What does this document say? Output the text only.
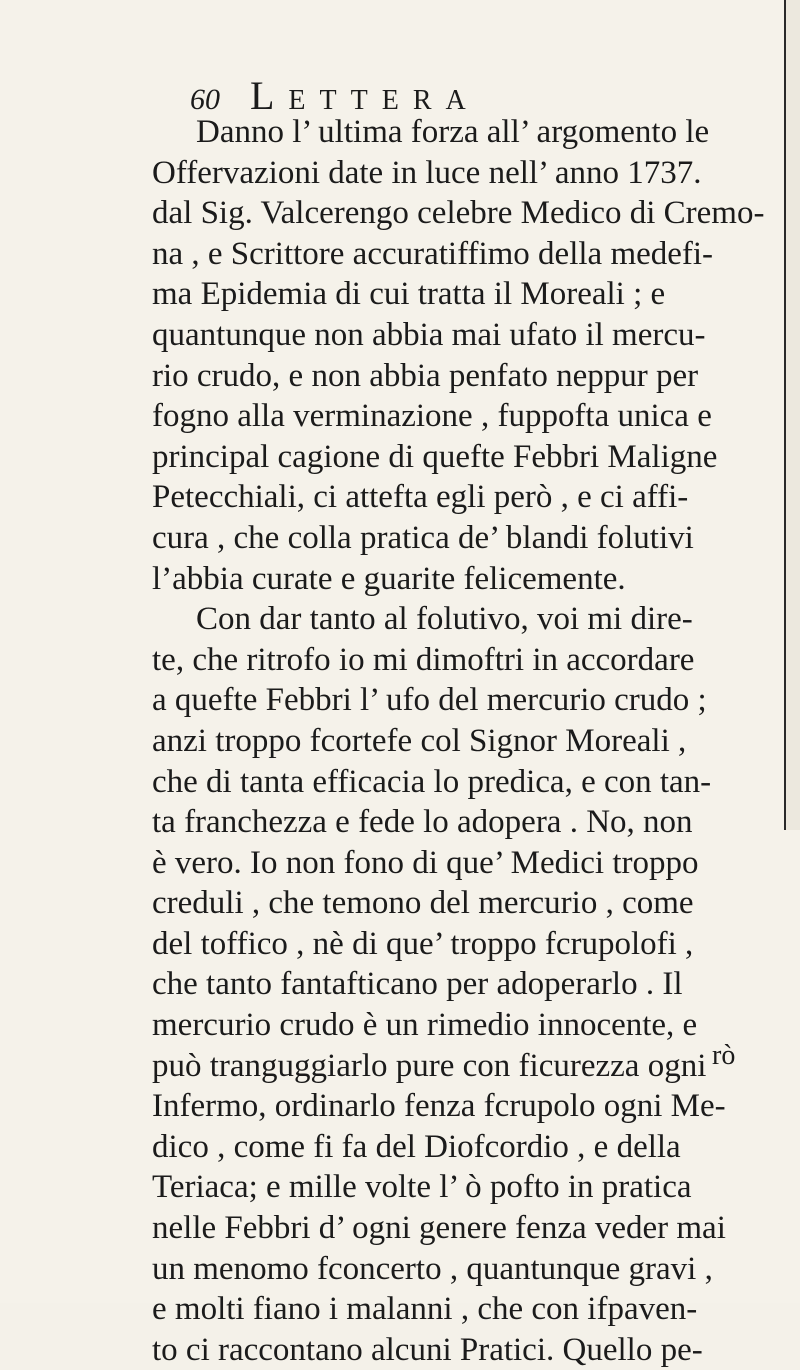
60 Lettera
Danno l’ ultima forza all’ argomento le
Offervazioni date in luce nell’ anno 1737.
dal Sig. Valcerengo celebre Medico di Cremo-
na , e Scrittore accuratiffimo della medefi-
ma Epidemia di cui tratta il Moreali ; e
quantunque non abbia mai ufato il mercu-
rio crudo, e non abbia penfato neppur per
fogno alla verminazione , fuppofta unica e
principal cagione di quefte Febbri Maligne
Petecchiali, ci attefta egli però , e ci affi-
cura , che colla pratica de’ blandi folutivi
l’abbia curate e guarite felicemente.
Con dar tanto al folutivo, voi mi dire-
te, che ritrofo io mi dimoftri in accordare
a quefte Febbri l’ ufo del mercurio crudo ;
anzi troppo fcortefe col Signor Moreali ,
che di tanta efficacia lo predica, e con tan-
ta franchezza e fede lo adopera . No, non
è vero. Io non fono di que’ Medici troppo
creduli , che temono del mercurio , come
del toffico , nè di que’ troppo fcrupolofi ,
che tanto fantafticano per adoperarlo . Il
mercurio crudo è un rimedio innocente, e
può tranguggiarlo pure con ficurezza ogni
Infermo, ordinarlo fenza fcrupolo ogni Me-
dico , come fi fa del Diofcordio , e della
Teriaca; e mille volte l’ ò pofto in pratica
nelle Febbri d’ ogni genere fenza veder mai
un menomo fconcerto , quantunque gravi ,
e molti fiano i malanni , che con ifpaven-
to ci raccontano alcuni Pratici. Quello pe-
rò
